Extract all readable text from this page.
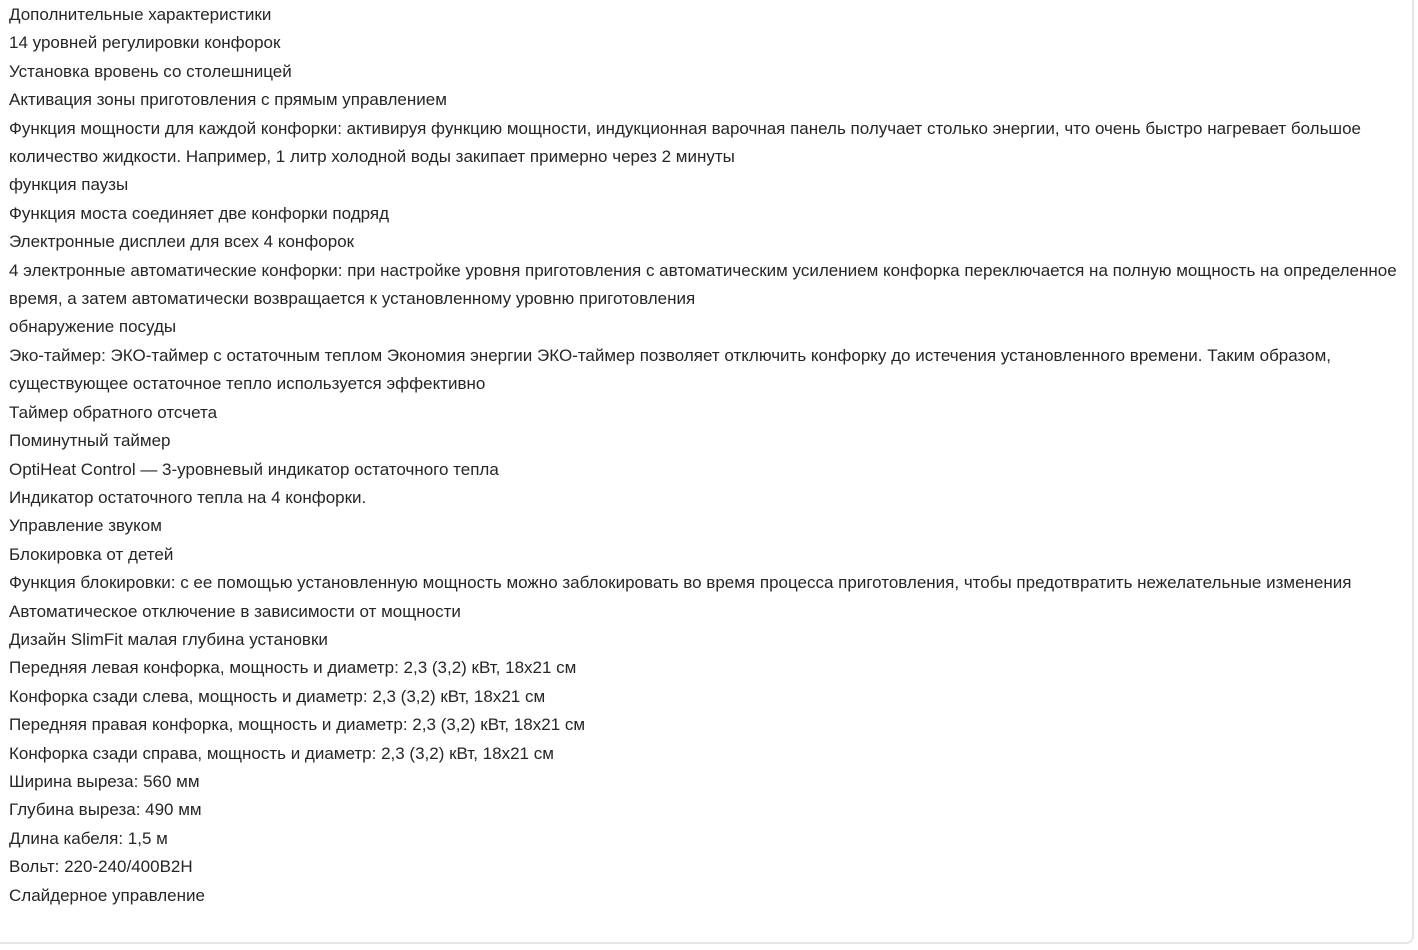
Дополнительные характеристики
14 уровней регулировки конфорок
Установка вровень со столешницей
Активация зоны приготовления с прямым управлением
Функция мощности для каждой конфорки: активируя функцию мощности, индукционная варочная панель получает столько энергии, что очень быстро нагревает большое количество жидкости. Например, 1 литр холодной воды закипает примерно через 2 минуты
функция паузы
Функция моста соединяет две конфорки подряд
Электронные дисплеи для всех 4 конфорок
4 электронные автоматические конфорки: при настройке уровня приготовления с автоматическим усилением конфорка переключается на полную мощность на определенное время, а затем автоматически возвращается к установленному уровню приготовления
обнаружение посуды
Эко-таймер: ЭКО-таймер с остаточным теплом Экономия энергии ЭКО-таймер позволяет отключить конфорку до истечения установленного времени. Таким образом, существующее остаточное тепло используется эффективно
Таймер обратного отсчета
Поминутный таймер
OptiHeat Control — 3-уровневый индикатор остаточного тепла
Индикатор остаточного тепла на 4 конфорки.
Управление звуком
Блокировка от детей
Функция блокировки: с ее помощью установленную мощность можно заблокировать во время процесса приготовления, чтобы предотвратить нежелательные изменения
Автоматическое отключение в зависимости от мощности
Дизайн SlimFit малая глубина установки
Передняя левая конфорка, мощность и диаметр: 2,3 (3,2) кВт, 18x21 см
Конфорка сзади слева, мощность и диаметр: 2,3 (3,2) кВт, 18x21 см
Передняя правая конфорка, мощность и диаметр: 2,3 (3,2) кВт, 18x21 см
Конфорка сзади справа, мощность и диаметр: 2,3 (3,2) кВт, 18x21 см
Ширина выреза: 560 мм
Глубина выреза: 490 мм
Длина кабеля: 1,5 м
Вольт: 220-240/400В2Н
Слайдерное управление
